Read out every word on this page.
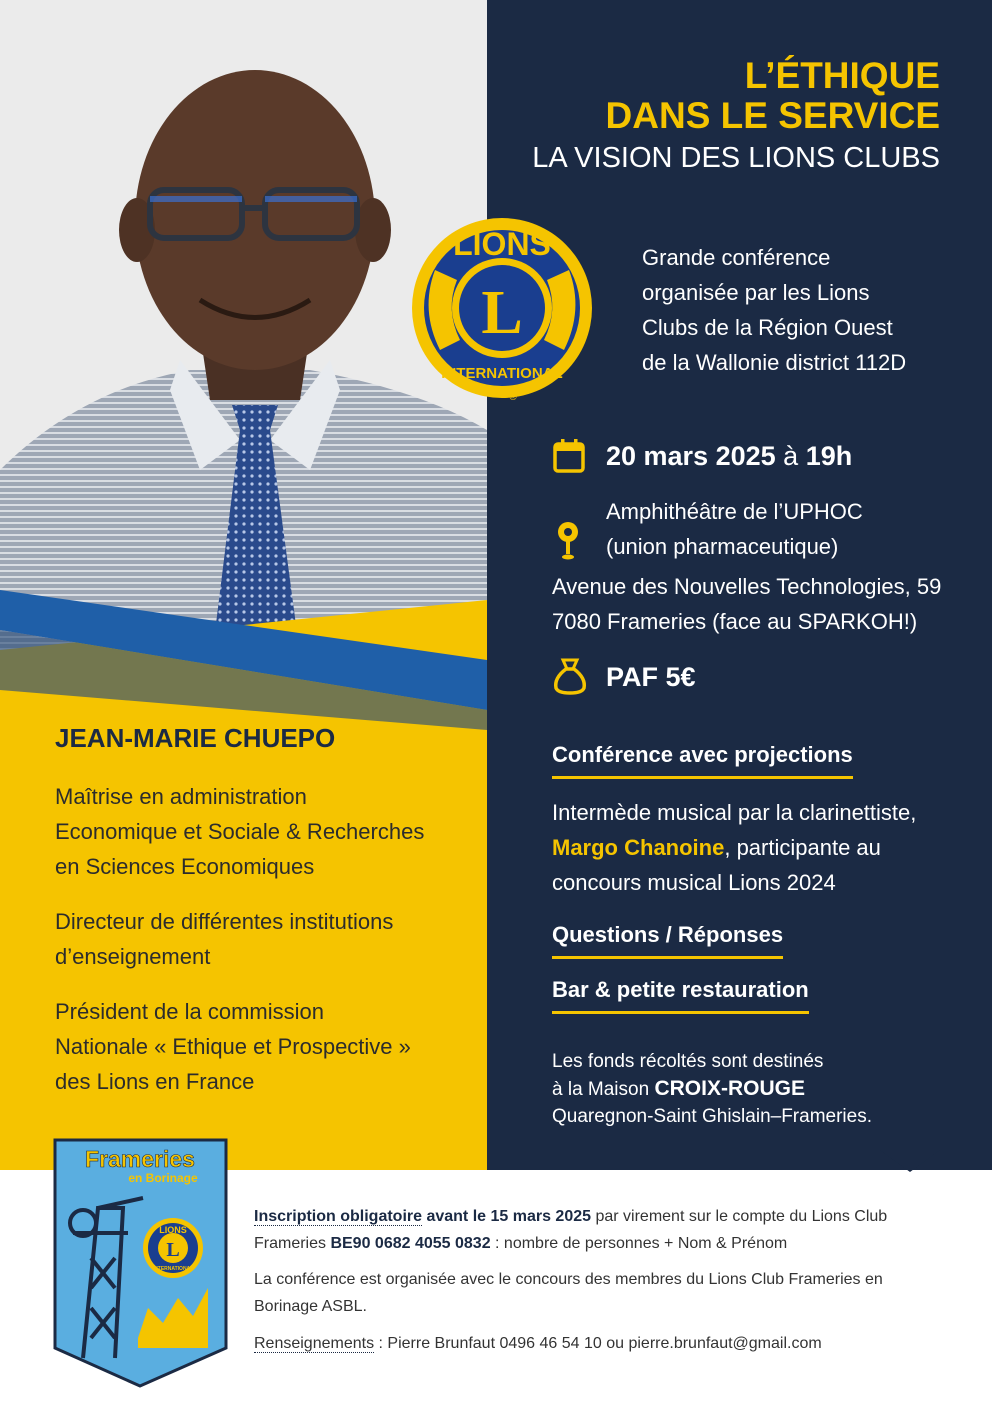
L’ÉTHIQUE
DANS LE SERVICE
LA VISION DES LIONS CLUBS
LIONS
L
INTERNATIONAL
®
Grande conférence
organisée par les Lions
Clubs de la Région Ouest
de la Wallonie district 112D
20 mars 2025 à 19h
Amphithéâtre de l’UPHOC
(union pharmaceutique)
Avenue des Nouvelles Technologies, 59
7080 Frameries (face au SPARKOH!)
PAF 5€
Conférence avec projections
Intermède musical par la clarinettiste,
Margo Chanoine, participante au
concours musical Lions 2024
Questions / Réponses
Bar & petite restauration
Les fonds récoltés sont destinés
à la Maison CROIX-ROUGE
Quaregnon-Saint Ghislain–Frameries.
JEAN-MARIE CHUEPO
Maîtrise en administration
Economique et Sociale & Recherches
en Sciences Economiques
Directeur de différentes institutions
d’enseignement
Président de la commission
Nationale « Ethique et Prospective »
des Lions en France
Frameries
en Borinage
LIONS
L
INTERNATIONAL
Inscription obligatoire avant le 15 mars 2025 par virement sur le compte du Lions Club
Frameries BE90 0682 4055 0832 : nombre de personnes + Nom & Prénom
La conférence est organisée avec le concours des membres du Lions Club Frameries en
Borinage ASBL.
Renseignements : Pierre Brunfaut 0496 46 54 10 ou pierre.brunfaut@gmail.com
